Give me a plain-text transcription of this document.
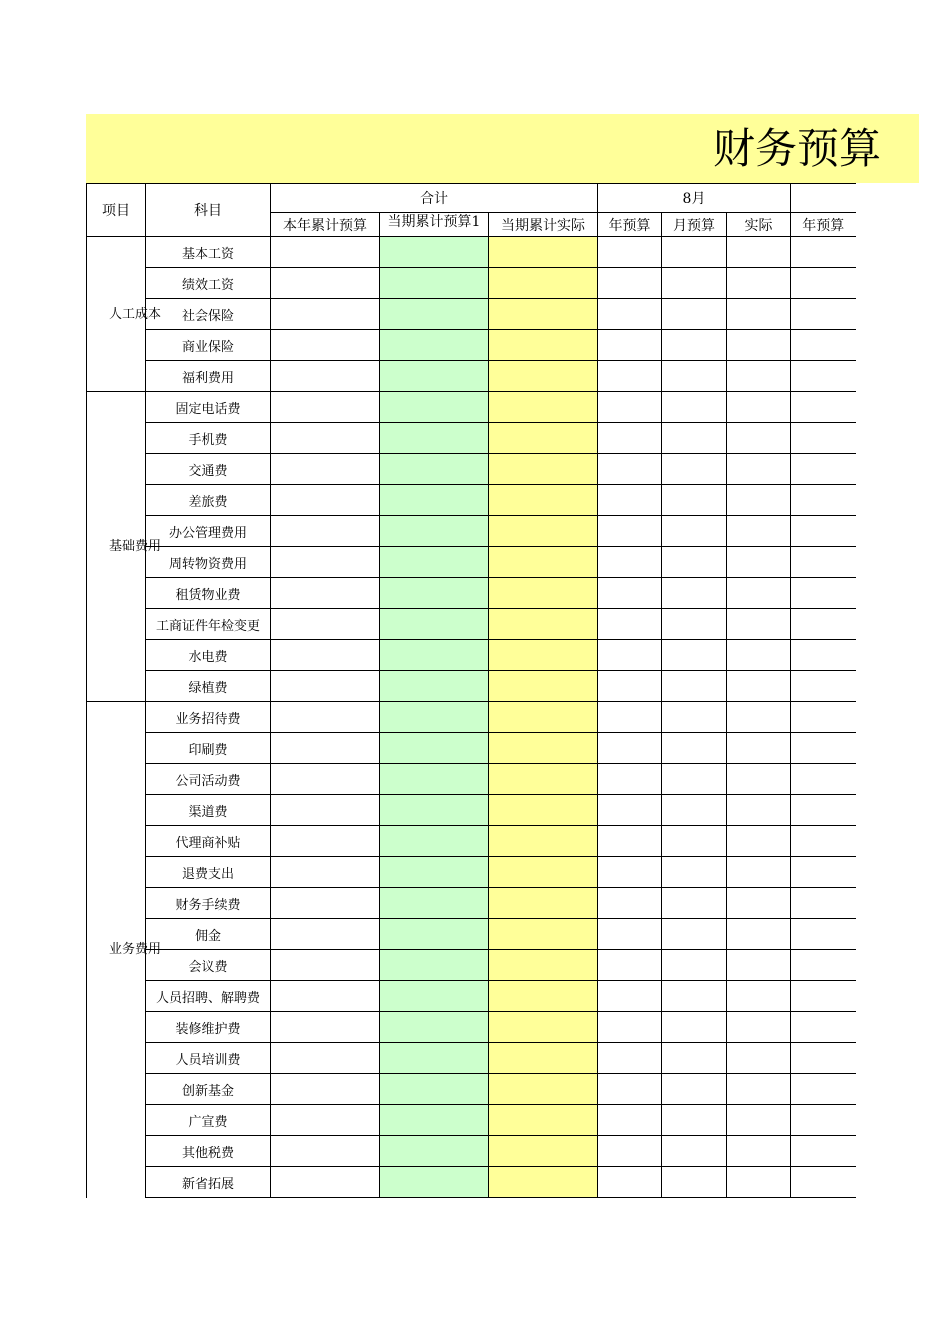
财务预算
项目	科目	合计			8月			
		本年累计预算	当期累计预算1	当期累计实际	年预算	月预算	实际	年预算

人工成本	基本工资							
	绩效工资							
	社会保险							
	商业保险							
	福利费用							

基础费用	固定电话费							
	手机费							
	交通费							
	差旅费							
	办公管理费用							
	周转物资费用							
	租赁物业费							
	工商证件年检变更							
	水电费							
	绿植费							

业务费用	业务招待费							
	印刷费							
	公司活动费							
	渠道费							
	代理商补贴							
	退费支出							
	财务手续费							
	佣金							
	会议费							
	人员招聘、解聘费							
	装修维护费							
	人员培训费							
	创新基金							
	广宣费							
	其他税费							
	新省拓展							
